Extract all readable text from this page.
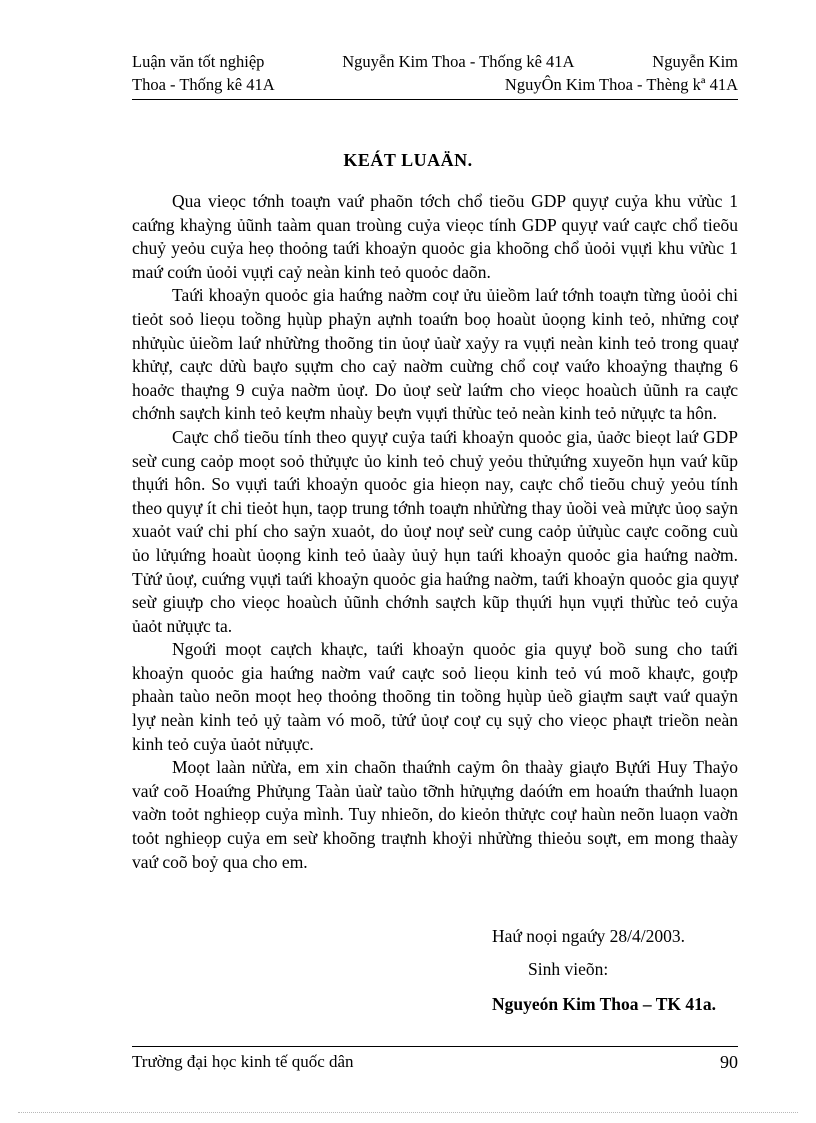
Luận văn tốt nghiệp	Nguyễn Kim Thoa - Thống kê 41A	Nguyễn Kim
Thoa - Thống kê 41A	NguyÔn Kim Thoa - Thèng kª 41A
KEÁT LUAÄN.

Qua vieọc tớnh toaựn vaứ phaõn tớch chổ tieõu GDP quyự cuỷa khu vửùc 1 caứng khaỳng ủũnh taàm quan troùng cuỷa vieọc tính GDP quyự vaứ caực chổ tieõu chuỷ yeỏu cuỷa heọ thoỏng taứi khoaỷn quoỏc gia khoõng chổ ủoỏi vụựi khu vửùc 1 maứ coứn ủoỏi vụựi caỷ neàn kinh teỏ quoỏc daõn.

Taứi khoaỷn quoỏc gia haứng naờm coự ửu ủieồm laứ tớnh toaựn từng ủoỏi chi tieỏt soỏ lieọu toồng hụùp phaỷn aựnh toaứn boọ hoaùt ủoọng kinh teỏ, nhửng coự nhửụùc ủieồm laứ nhửừng thoõng tin ủoự ủaừ xaỷy ra vụựi neàn kinh teỏ trong quaự khửự, caực dửù baựo sụựm cho caỷ naờm cuừng chổ coự vaứo khoaỷng thaựng 6 hoaởc thaựng 9 cuỷa naờm ủoự. Do ủoự seừ laứm cho vieọc hoaùch ủũnh ra caực chớnh saựch kinh teỏ keựm nhaùy beựn vụựi thửùc teỏ neàn kinh teỏ nửụực ta hôn.

Caực chổ tieõu tính theo quyự cuỷa taứi khoaỷn quoỏc gia, ủaởc bieọt laứ GDP seừ cung caỏp moọt soỏ thửụực ủo kinh teỏ chuỷ yeỏu thửụứng xuyeõn hụn vaứ kũp thụứi hôn. So vụựi taứi khoaỷn quoỏc gia hieọn nay, caực chổ tieõu chuỷ yeỏu tính theo quyự ít chi tieỏt hụn, taọp trung tớnh toaựn nhửừng thay ủoồi veà mửực ủoọ saỷn xuaỏt vaứ chi phí cho saỷn xuaỏt, do ủoự noự seừ cung caỏp ủửụùc caực coõng cuù ủo lửụứng hoaùt ủoọng kinh teỏ ủaày ủuỷ hụn taứi khoaỷn quoỏc gia haứng naờm. Tửứ ủoự, cuứng vụựi taứi khoaỷn quoỏc gia haứng naờm, taứi khoaỷn quoỏc gia quyự seừ giuựp cho vieọc hoaùch ủũnh chớnh saựch kũp thụứi hụn vụựi thửùc teỏ cuỷa ủaỏt nửụực ta.

Ngoứi moọt caựch khaực, taứi khoaỷn quoỏc gia quyự boồ sung cho taứi khoaỷn quoỏc gia haứng naờm vaứ caực soỏ lieọu kinh teỏ vú moõ khaực, goựp phaàn taùo neõn moọt heọ thoỏng thoõng tin toồng hụùp ủeồ giaựm saựt vaứ quaỷn lyự neàn kinh teỏ ụỷ taàm vó moõ, tửứ ủoự coự cụ sụỷ cho vieọc phaựt trieồn neàn kinh teỏ cuỷa ủaỏt nửụực.

Moọt laàn nửừa, em xin chaõn thaứnh caỷm ôn thaày giaựo Bựứi Huy Thaỷo vaứ coõ Hoaứng Phửụng Taàn ủaừ taùo tỡnh hửụựng daóứn em hoaứn thaứnh luaọn vaờn toỏt nghieọp cuỷa mình. Tuy nhieõn, do kieỏn thửực coự haùn neõn luaọn vaờn toỏt nghieọp cuỷa em seừ khoõng traựnh khoỷi nhửừng thieỏu soựt, em mong thaày vaứ coõ boỷ qua cho em.

Haứ noọi ngaứy 28/4/2003.
Sinh vieõn:
Nguyeón Kim Thoa – TK 41a.
Trường đại học kinh tế quốc dân	90
